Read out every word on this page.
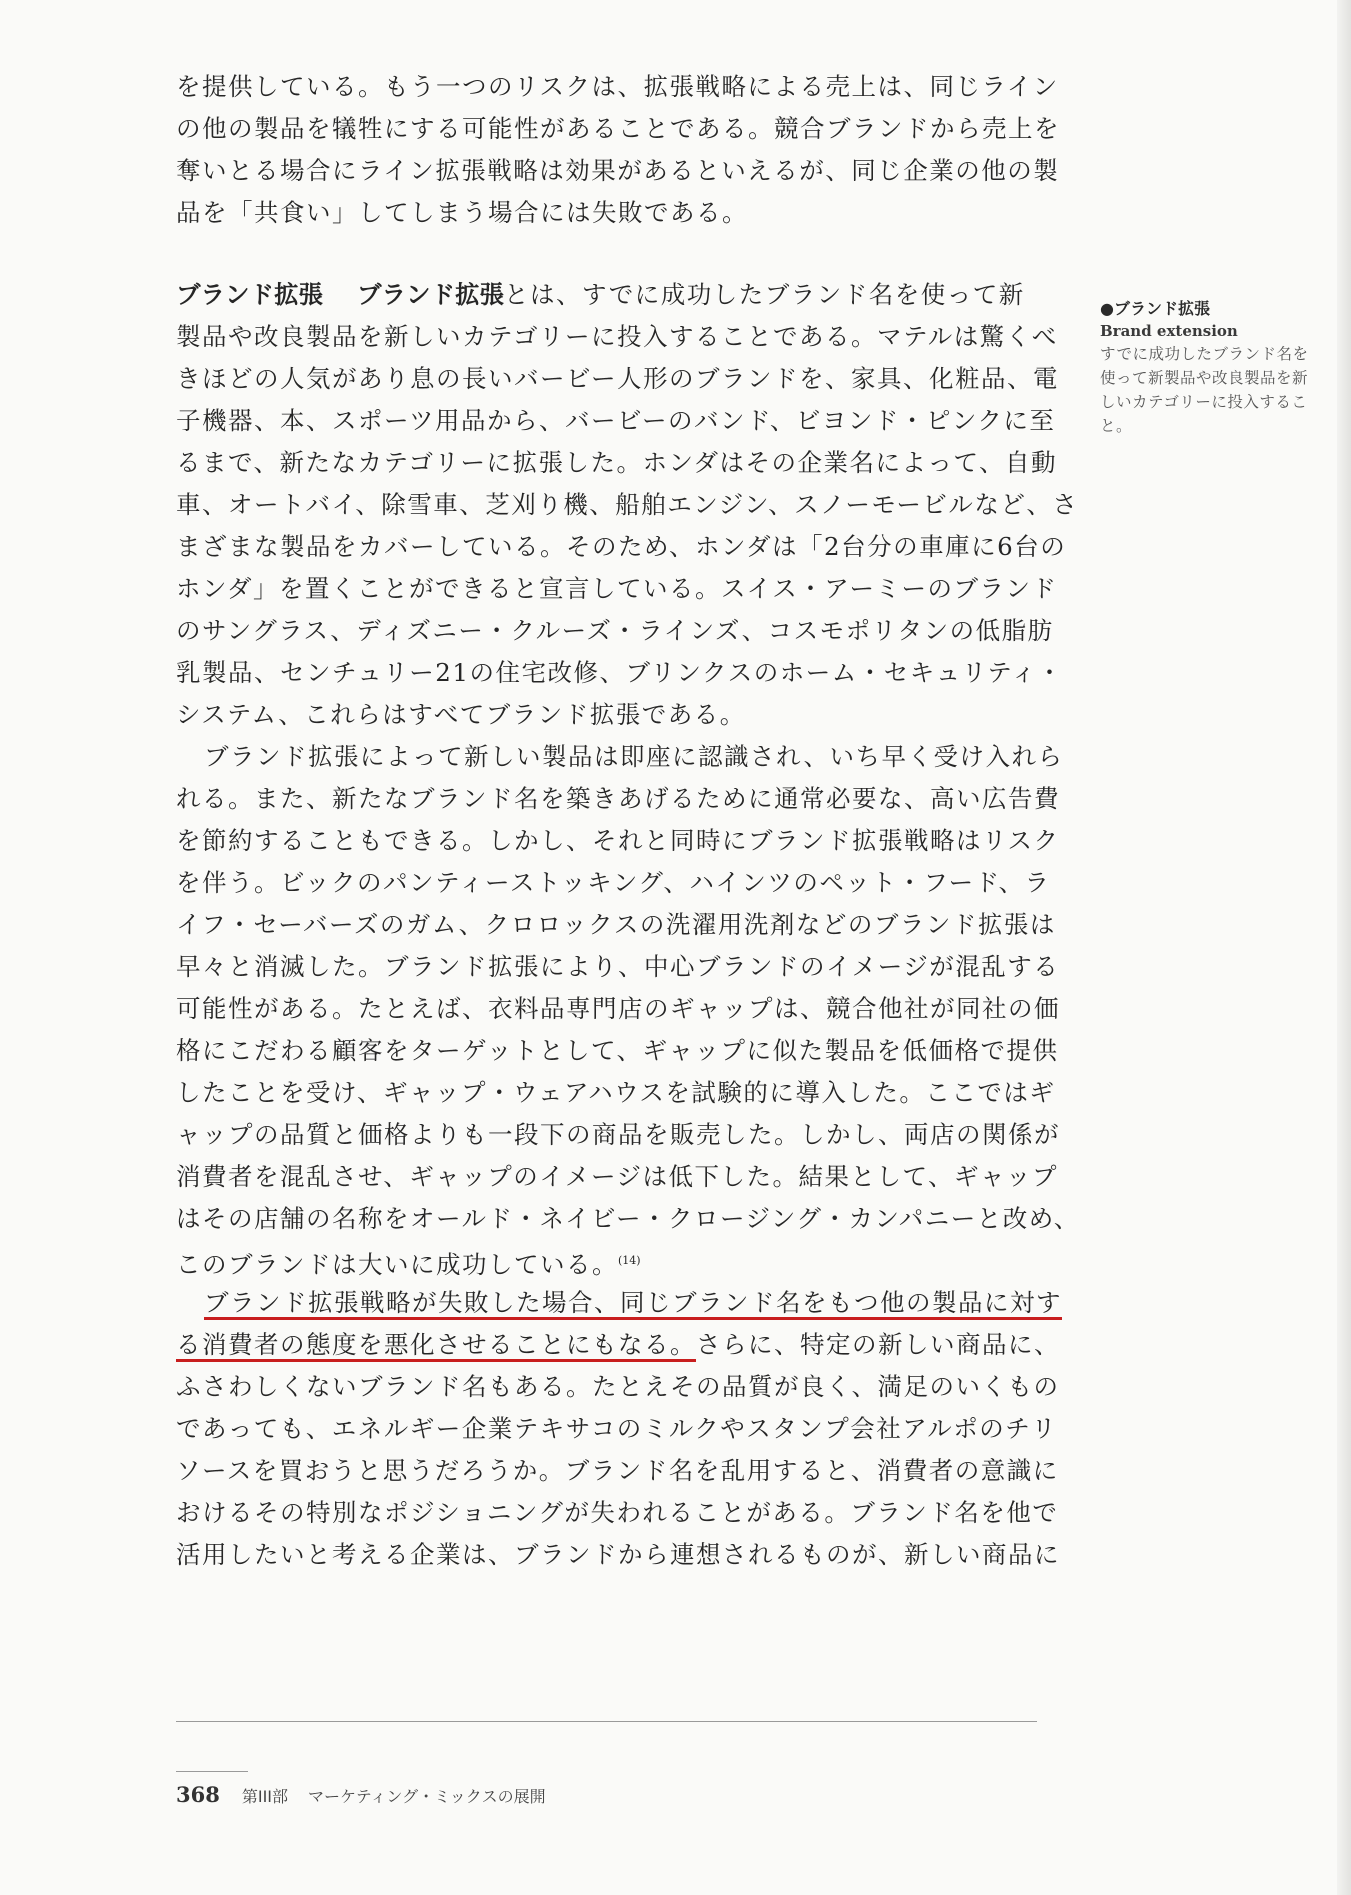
を提供している。もう一つのリスクは、拡張戦略による売上は、同じライン
の他の製品を犠牲にする可能性があることである。競合ブランドから売上を
奪いとる場合にライン拡張戦略は効果があるといえるが、同じ企業の他の製
品を「共食い」してしまう場合には失敗である。
ブランド拡張 ブランド拡張とは、すでに成功したブランド名を使って新
製品や改良製品を新しいカテゴリーに投入することである。マテルは驚くべ
きほどの人気があり息の長いバービー人形のブランドを、家具、化粧品、電
子機器、本、スポーツ用品から、バービーのバンド、ビヨンド・ピンクに至
るまで、新たなカテゴリーに拡張した。ホンダはその企業名によって、自動
車、オートバイ、除雪車、芝刈り機、船舶エンジン、スノーモービルなど、さ
まざまな製品をカバーしている。そのため、ホンダは「2台分の車庫に6台の
ホンダ」を置くことができると宣言している。スイス・アーミーのブランド
のサングラス、ディズニー・クルーズ・ラインズ、コスモポリタンの低脂肪
乳製品、センチュリー21の住宅改修、ブリンクスのホーム・セキュリティ・
システム、これらはすべてブランド拡張である。
ブランド拡張によって新しい製品は即座に認識され、いち早く受け入れら
れる。また、新たなブランド名を築きあげるために通常必要な、高い広告費
を節約することもできる。しかし、それと同時にブランド拡張戦略はリスク
を伴う。ビックのパンティーストッキング、ハインツのペット・フード、ラ
イフ・セーバーズのガム、クロロックスの洗濯用洗剤などのブランド拡張は
早々と消滅した。ブランド拡張により、中心ブランドのイメージが混乱する
可能性がある。たとえば、衣料品専門店のギャップは、競合他社が同社の価
格にこだわる顧客をターゲットとして、ギャップに似た製品を低価格で提供
したことを受け、ギャップ・ウェアハウスを試験的に導入した。ここではギ
ャップの品質と価格よりも一段下の商品を販売した。しかし、両店の関係が
消費者を混乱させ、ギャップのイメージは低下した。結果として、ギャップ
はその店舗の名称をオールド・ネイビー・クロージング・カンパニーと改め、
このブランドは大いに成功している。$^{(14)}$
ブランド拡張戦略が失敗した場合、同じブランド名をもつ他の製品に対す
る消費者の態度を悪化させることにもなる。さらに、特定の新しい商品に、
ふさわしくないブランド名もある。たとえその品質が良く、満足のいくもの
であっても、エネルギー企業テキサコのミルクやスタンプ会社アルポのチリ
ソースを買おうと思うだろうか。ブランド名を乱用すると、消費者の意識に
おけるその特別なポジショニングが失われることがある。ブランド名を他で
活用したいと考える企業は、ブランドから連想されるものが、新しい商品に
●ブランド拡張
Brand extension
すでに成功したブランド名を
使って新製品や改良製品を新
しいカテゴリーに投入するこ
と。
368 第III部 マーケティング・ミックスの展開
